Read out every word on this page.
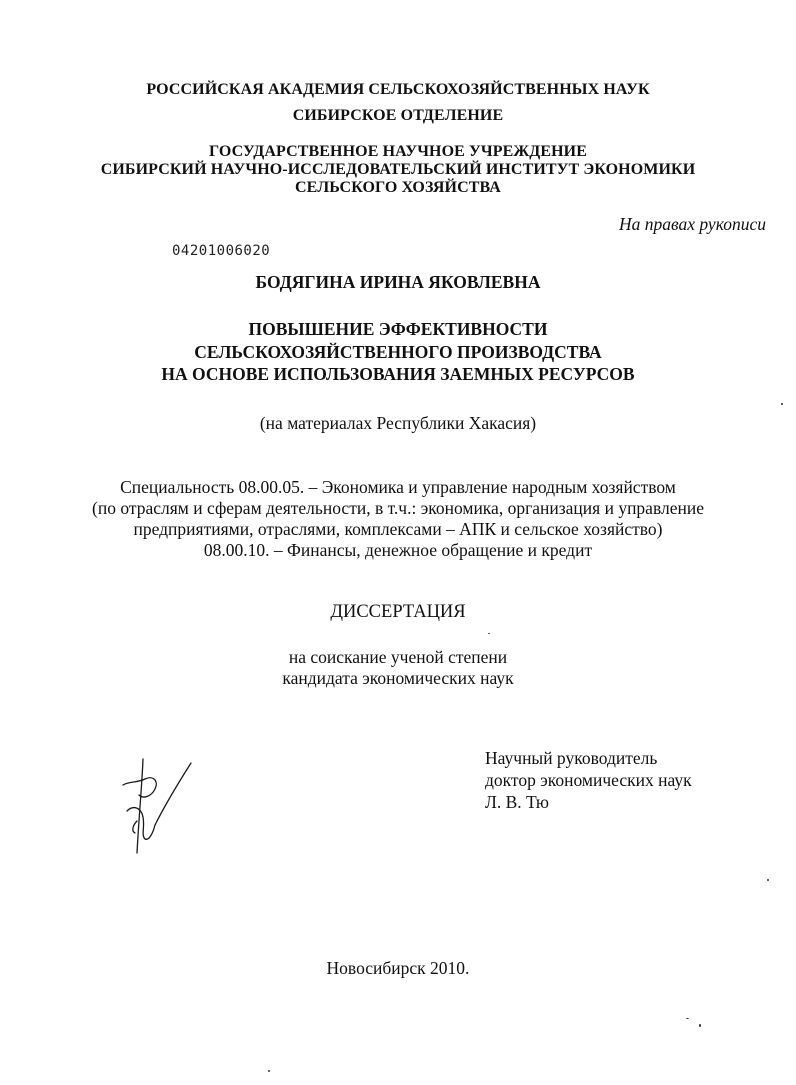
РОССИЙСКАЯ АКАДЕМИЯ СЕЛЬСКОХОЗЯЙСТВЕННЫХ НАУК
СИБИРСКОЕ ОТДЕЛЕНИЕ
ГОСУДАРСТВЕННОЕ НАУЧНОЕ УЧРЕЖДЕНИЕ
СИБИРСКИЙ НАУЧНО-ИССЛЕДОВАТЕЛЬСКИЙ ИНСТИТУТ ЭКОНОМИКИ
СЕЛЬСКОГО ХОЗЯЙСТВА
На правах рукописи
04201006020
БОДЯГИНА ИРИНА ЯКОВЛЕВНА
ПОВЫШЕНИЕ ЭФФЕКТИВНОСТИ
СЕЛЬСКОХОЗЯЙСТВЕННОГО ПРОИЗВОДСТВА
НА ОСНОВЕ ИСПОЛЬЗОВАНИЯ ЗАЕМНЫХ РЕСУРСОВ
(на материалах Республики Хакасия)
Специальность 08.00.05. – Экономика и управление народным хозяйством
(по отраслям и сферам деятельности, в т.ч.: экономика, организация и управление
предприятиями, отраслями, комплексами – АПК и сельское хозяйство)
08.00.10. – Финансы, денежное обращение и кредит
ДИССЕРТАЦИЯ
на соискание ученой степени
кандидата экономических наук
Научный руководитель
доктор экономических наук
Л. В. Тю
Новосибирск 2010.
